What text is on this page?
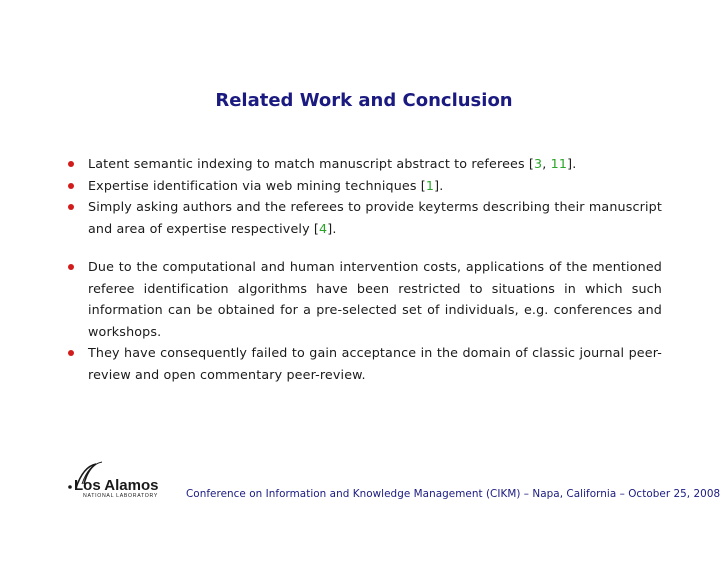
Related Work and Conclusion
Latent semantic indexing to match manuscript abstract to referees [3, 11].
Expertise identification via web mining techniques [1].
Simply asking authors and the referees to provide keyterms describing their manuscript and area of expertise respectively [4].
Due to the computational and human intervention costs, applications of the mentioned referee identification algorithms have been restricted to situations in which such information can be obtained for a pre-selected set of individuals, e.g. conferences and workshops.
They have consequently failed to gain acceptance in the domain of classic journal peer-review and open commentary peer-review.
Los Alamos
NATIONAL LABORATORY	Conference on Information and Knowledge Management (CIKM) – Napa, California – October 25, 2008
